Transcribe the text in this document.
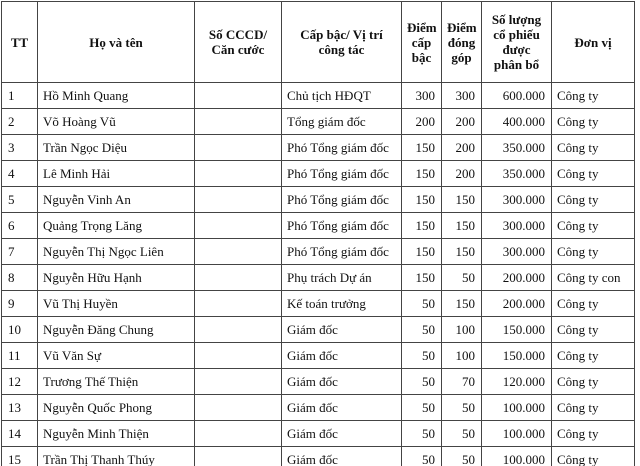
TT	Họ và tên	Số CCCD/ Căn cước	Cấp bậc/ Vị trí công tác	Điểm cấp bậc	Điểm đóng góp	Số lượng cổ phiếu được phân bổ	Đơn vị
1	Hồ Minh Quang		Chủ tịch HĐQT	300	300	600.000	Công ty
2	Võ Hoàng Vũ		Tổng giám đốc	200	200	400.000	Công ty
3	Trần Ngọc Diệu		Phó Tổng giám đốc	150	200	350.000	Công ty
4	Lê Minh Hải		Phó Tổng giám đốc	150	200	350.000	Công ty
5	Nguyễn Vinh An		Phó Tổng giám đốc	150	150	300.000	Công ty
6	Quảng Trọng Lăng		Phó Tổng giám đốc	150	150	300.000	Công ty
7	Nguyễn Thị Ngọc Liên		Phó Tổng giám đốc	150	150	300.000	Công ty
8	Nguyễn Hữu Hạnh		Phụ trách Dự án	150	50	200.000	Công ty con
9	Vũ Thị Huyền		Kế toán trưởng	50	150	200.000	Công ty
10	Nguyễn Đăng Chung		Giám đốc	50	100	150.000	Công ty
11	Vũ Văn Sự		Giám đốc	50	100	150.000	Công ty
12	Trương Thế Thiện		Giám đốc	50	70	120.000	Công ty
13	Nguyễn Quốc Phong		Giám đốc	50	50	100.000	Công ty
14	Nguyễn Minh Thiện		Giám đốc	50	50	100.000	Công ty
15	Trần Thị Thanh Thúy		Giám đốc	50	50	100.000	Công ty
